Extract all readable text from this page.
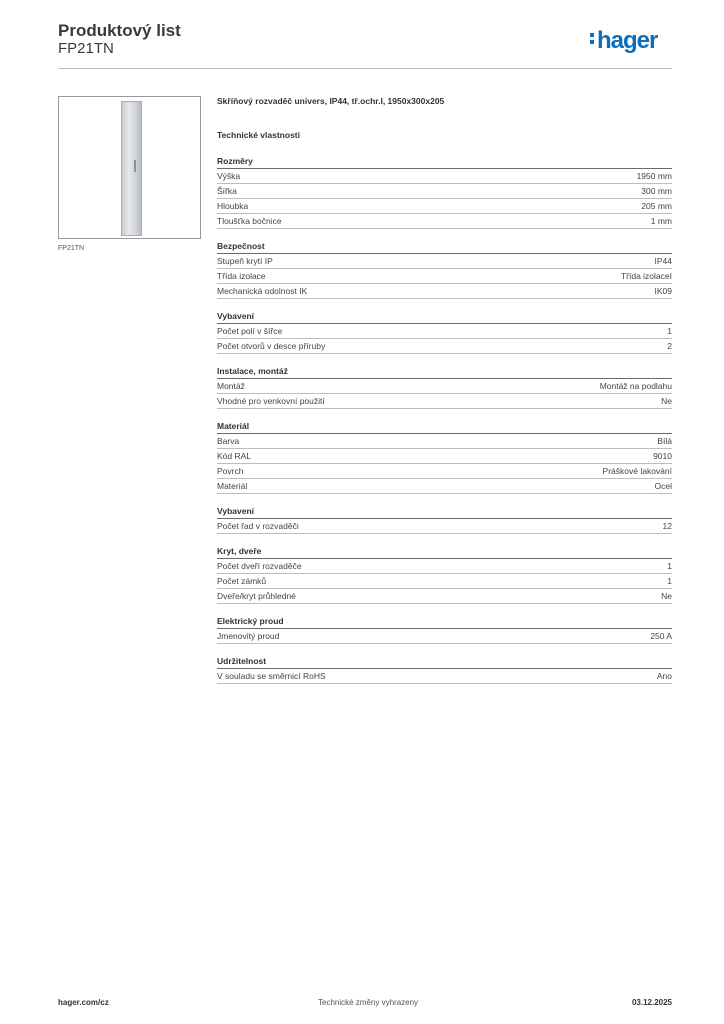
Produktový list
FP21TN	hager
FP21TN
Skříňový rozvaděč univers, IP44, tř.ochr.I, 1950x300x205
Technické vlastnosti
Rozměry
Výška	1950 mm
Šířka	300 mm
Hloubka	205 mm
Tloušťka bočnice	1 mm
Bezpečnost
Stupeň krytí IP	IP44
Třída izolace	Třída izolaceI
Mechanická odolnost IK	IK09
Vybavení
Počet polí v šířce	1
Počet otvorů v desce příruby	2
Instalace, montáž
Montáž	Montáž na podlahu
Vhodné pro venkovní použití	Ne
Materiál
Barva	Bílá
Kód RAL	9010
Povrch	Práškové lakování
Materiál	Ocel
Vybavení
Počet řad v rozvaděči	12
Kryt, dveře
Počet dveří rozvaděče	1
Počet zámků	1
Dveře/kryt průhledné	Ne
Elektrický proud
Jmenovitý proud	250 A
Udržitelnost
V souladu se směrnicí RoHS	Ano
hager.com/cz	Technické změny vyhrazeny	03.12.2025
